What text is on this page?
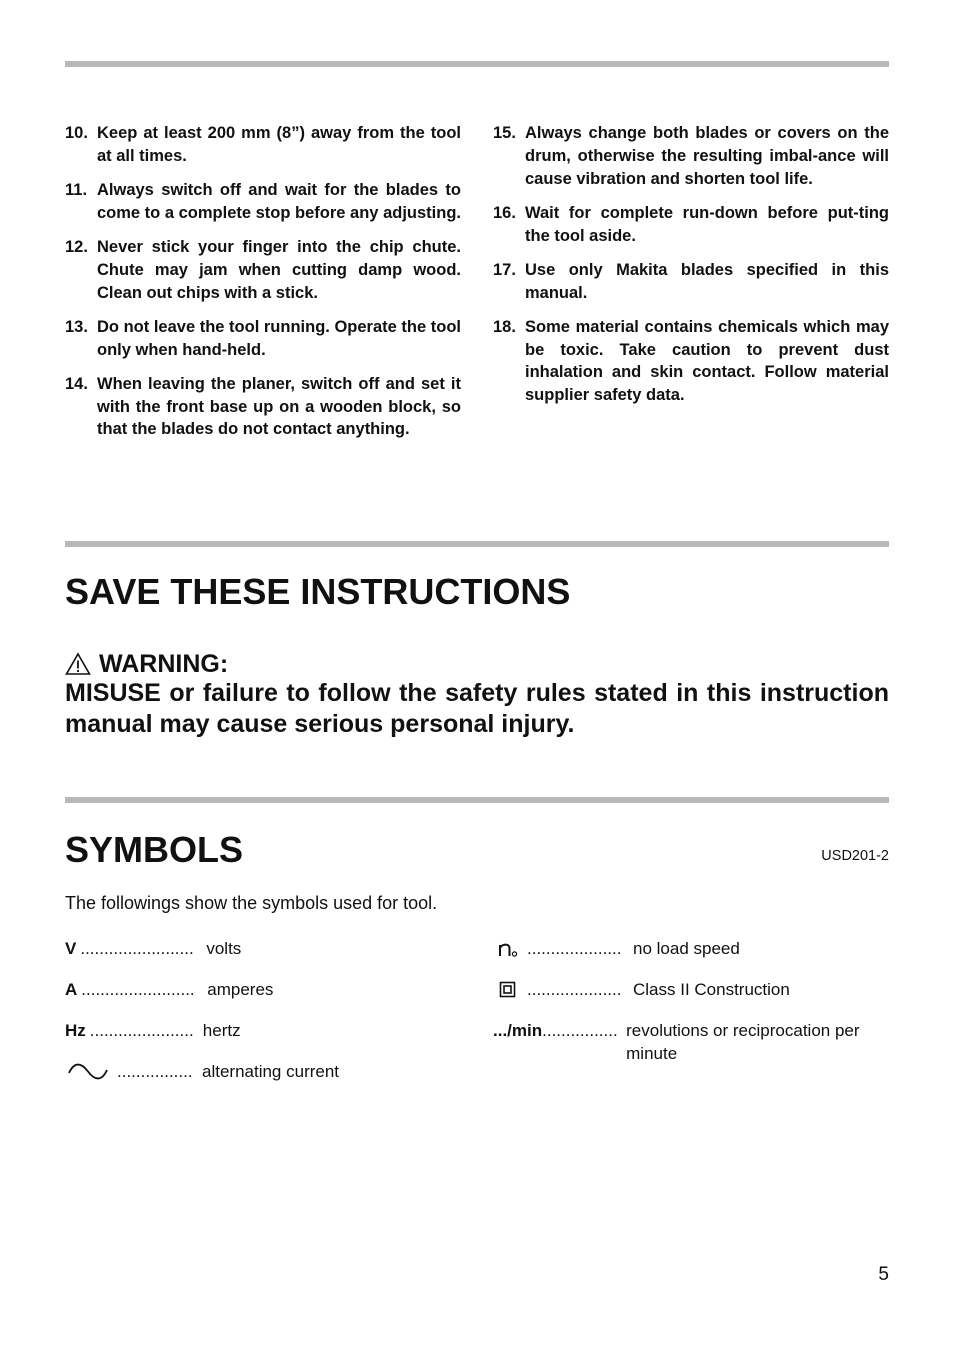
10. Keep at least 200 mm (8”) away from the tool at all times.
11. Always switch off and wait for the blades to come to a complete stop before any adjusting.
12. Never stick your finger into the chip chute. Chute may jam when cutting damp wood. Clean out chips with a stick.
13. Do not leave the tool running. Operate the tool only when hand-held.
14. When leaving the planer, switch off and set it with the front base up on a wooden block, so that the blades do not contact anything.
15. Always change both blades or covers on the drum, otherwise the resulting imbal-ance will cause vibration and shorten tool life.
16. Wait for complete run-down before put-ting the tool aside.
17. Use only Makita blades specified in this manual.
18. Some material contains chemicals which may be toxic. Take caution to prevent dust inhalation and skin contact. Follow material supplier safety data.
SAVE THESE INSTRUCTIONS
WARNING:
MISUSE or failure to follow the safety rules stated in this instruction manual may cause serious personal injury.
SYMBOLS	USD201-2
The followings show the symbols used for tool.
V ........................ volts
A ........................ amperes
Hz ...................... hertz
................ alternating current
.................... no load speed
.................... Class II Construction
.../min ................ revolutions or reciprocation per minute
5
